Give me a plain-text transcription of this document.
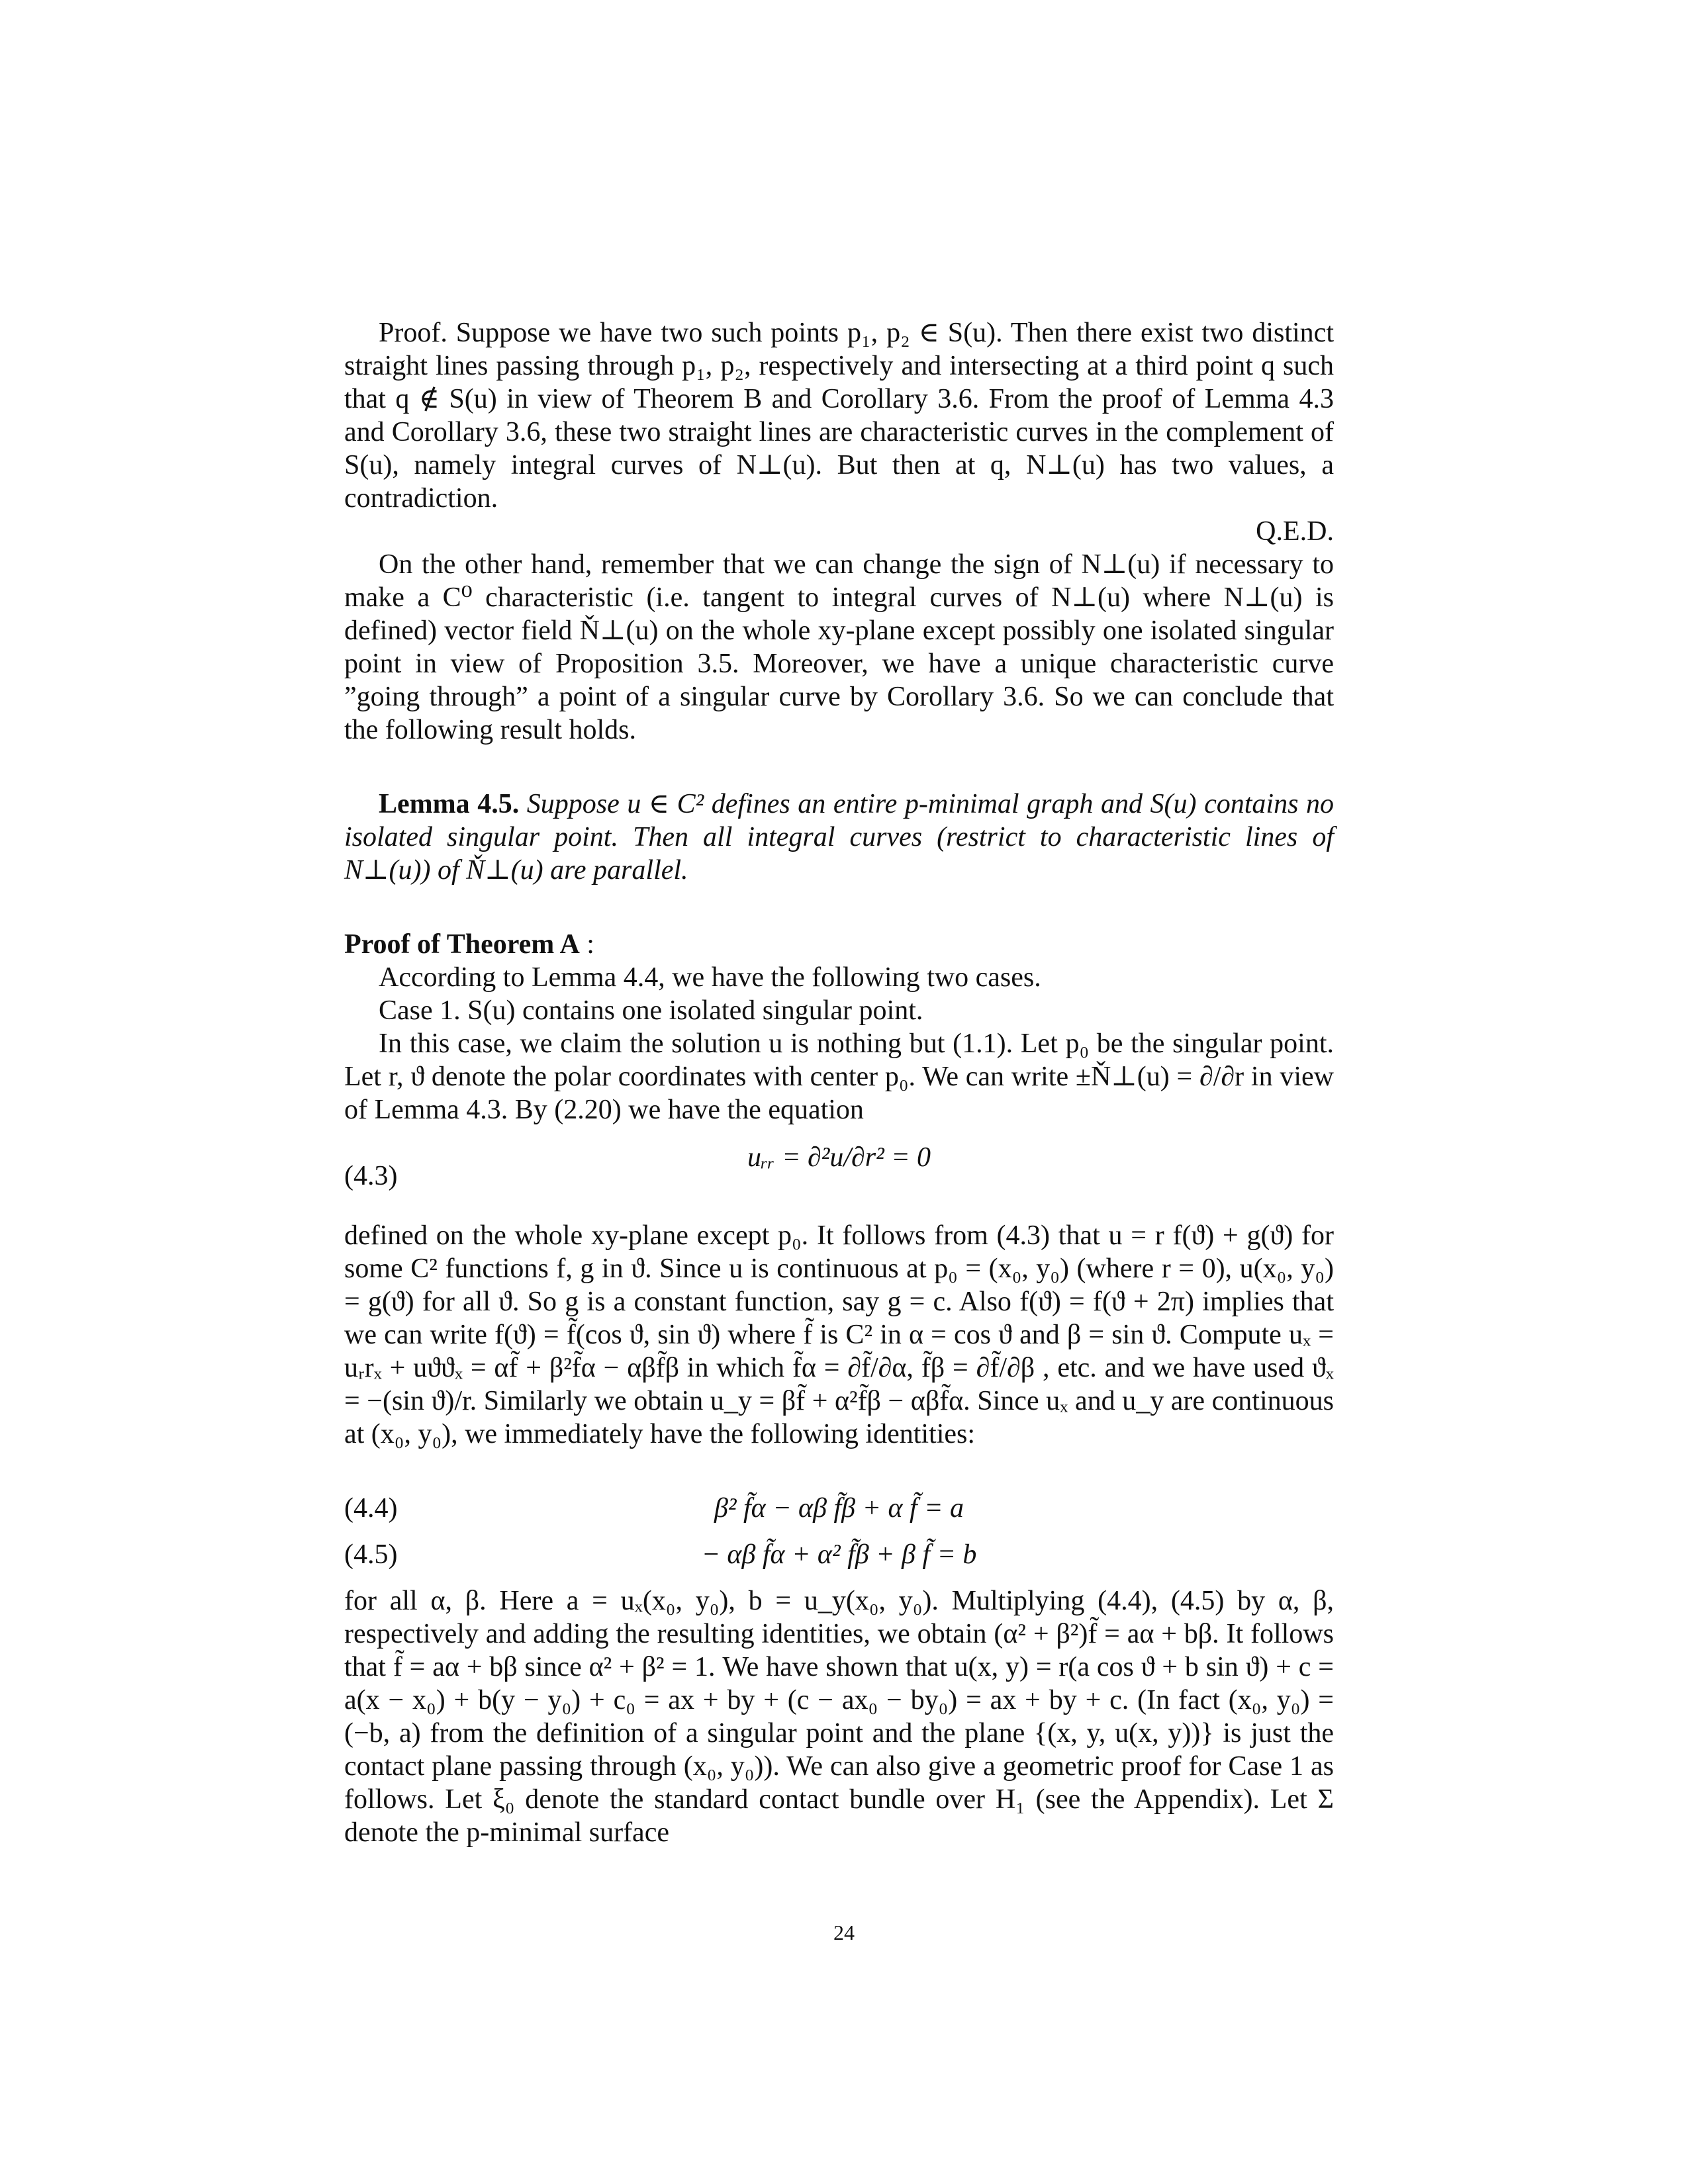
Proof. Suppose we have two such points p₁, p₂ ∈ S(u). Then there exist two distinct straight lines passing through p₁, p₂, respectively and intersecting at a third point q such that q ∉ S(u) in view of Theorem B and Corollary 3.6. From the proof of Lemma 4.3 and Corollary 3.6, these two straight lines are characteristic curves in the complement of S(u), namely integral curves of N⊥(u). But then at q, N⊥(u) has two values, a contradiction.

Q.E.D.

On the other hand, remember that we can change the sign of N⊥(u) if necessary to make a C⁰ characteristic (i.e. tangent to integral curves of N⊥(u) where N⊥(u) is defined) vector field Ň⊥(u) on the whole xy-plane except possibly one isolated singular point in view of Proposition 3.5. Moreover, we have a unique characteristic curve ”going through” a point of a singular curve by Corollary 3.6. So we can conclude that the following result holds.

Lemma 4.5. Suppose u ∈ C² defines an entire p-minimal graph and S(u) contains no isolated singular point. Then all integral curves (restrict to characteristic lines of N⊥(u)) of Ň⊥(u) are parallel.

Proof of Theorem A :

According to Lemma 4.4, we have the following two cases.

Case 1. S(u) contains one isolated singular point.

In this case, we claim the solution u is nothing but (1.1). Let p₀ be the singular point. Let r, ϑ denote the polar coordinates with center p₀. We can write ±Ň⊥(u) = ∂/∂r in view of Lemma 4.3. By (2.20) we have the equation

(4.3)
uᵣᵣ = ∂²u/∂r² = 0

defined on the whole xy-plane except p₀. It follows from (4.3) that u = r f(ϑ) + g(ϑ) for some C² functions f, g in ϑ. Since u is continuous at p₀ = (x₀, y₀) (where r = 0), u(x₀, y₀) = g(ϑ) for all ϑ. So g is a constant function, say g = c. Also f(ϑ) = f(ϑ + 2π) implies that we can write f(ϑ) = f̃(cos ϑ, sin ϑ) where f̃ is C² in α = cos ϑ and β = sin ϑ. Compute uₓ = uᵣrₓ + uϑϑₓ = αf̃ + β²f̃α − αβf̃β in which f̃α = ∂f̃/∂α, f̃β = ∂f̃/∂β , etc. and we have used ϑₓ = −(sin ϑ)/r. Similarly we obtain u_y = βf̃ + α²f̃β − αβf̃α. Since uₓ and u_y are continuous at (x₀, y₀), we immediately have the following identities:

(4.4)	β² f̃α − αβ f̃β + α f̃ = a
(4.5)	− αβ f̃α + α² f̃β + β f̃ = b

for all α, β. Here a = uₓ(x₀, y₀), b = u_y(x₀, y₀). Multiplying (4.4), (4.5) by α, β, respectively and adding the resulting identities, we obtain (α² + β²)f̃ = aα + bβ. It follows that f̃ = aα + bβ since α² + β² = 1. We have shown that u(x, y) = r(a cos ϑ + b sin ϑ) + c = a(x − x₀) + b(y − y₀) + c₀ = ax + by + (c − ax₀ − by₀) = ax + by + c. (In fact (x₀, y₀) = (−b, a) from the definition of a singular point and the plane {(x, y, u(x, y))} is just the contact plane passing through (x₀, y₀)). We can also give a geometric proof for Case 1 as follows. Let ξ₀ denote the standard contact bundle over H₁ (see the Appendix). Let Σ denote the p-minimal surface

24
